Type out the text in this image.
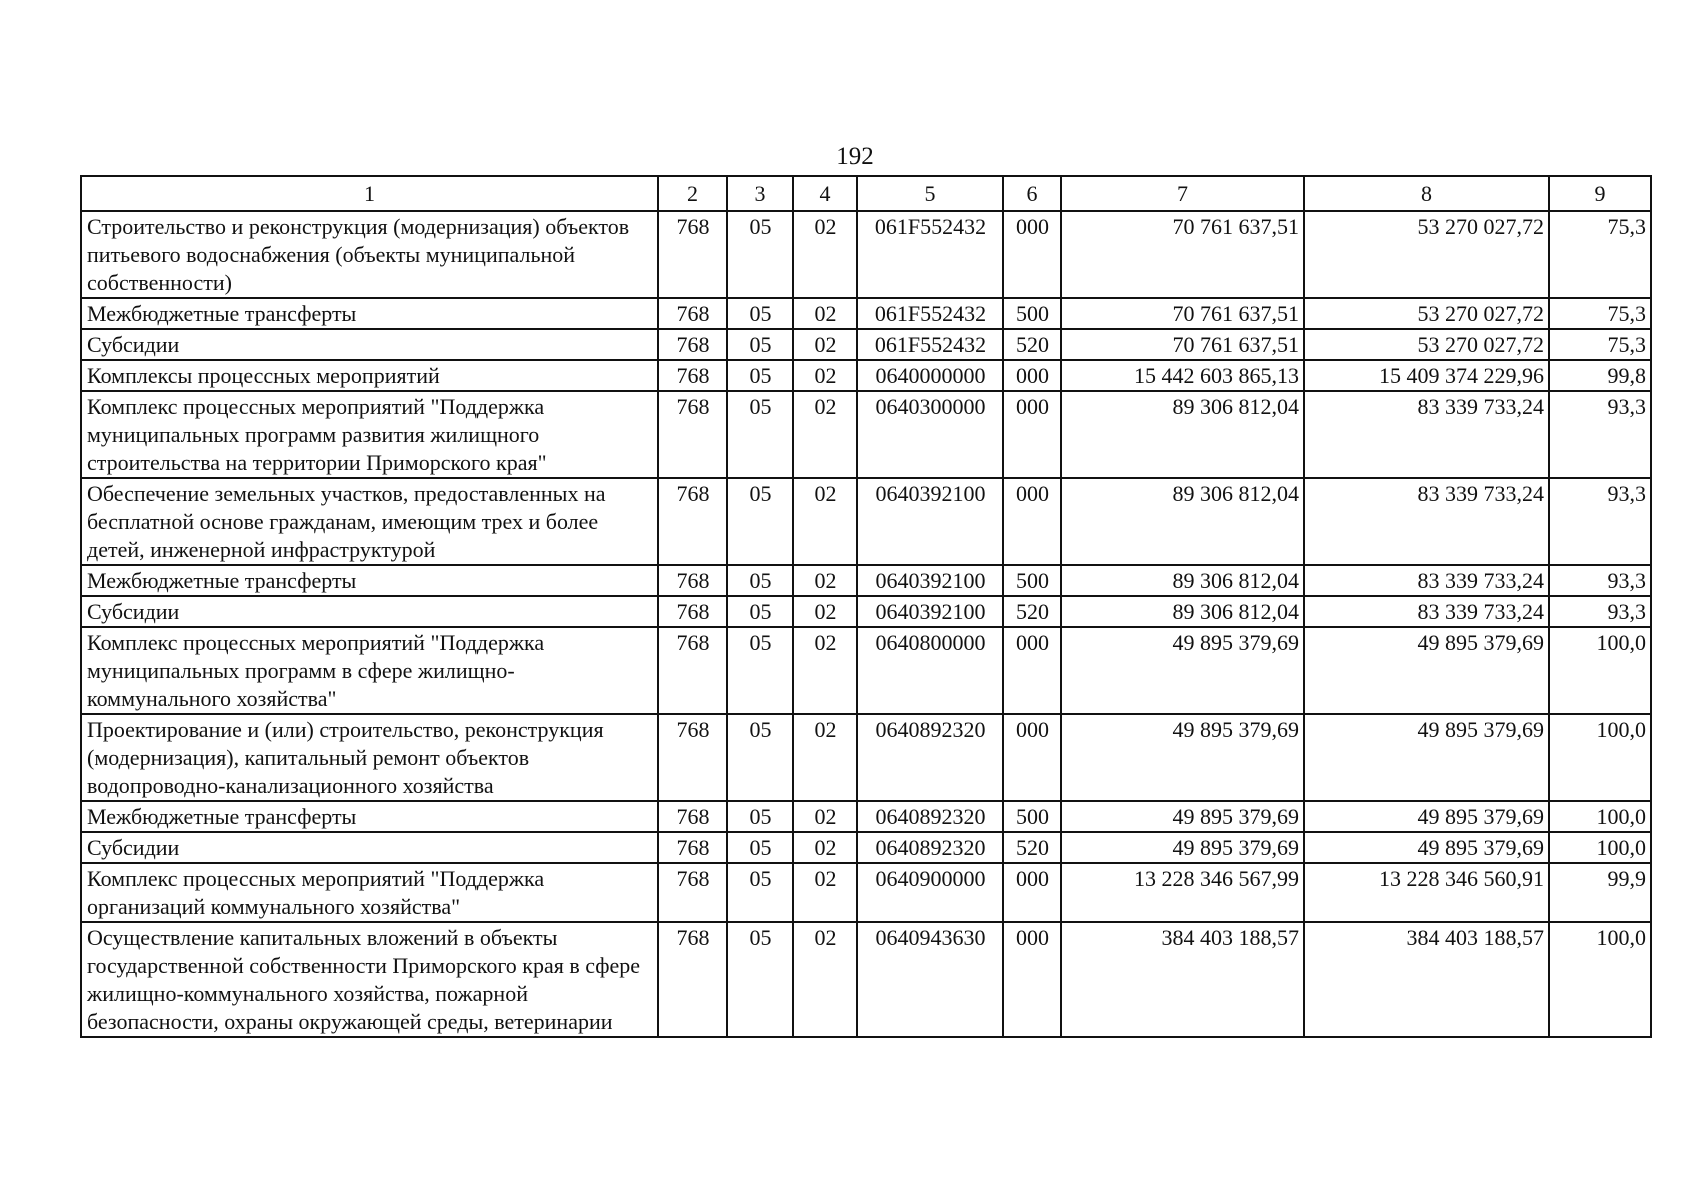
192
1	2	3	4	5	6	7	8	9
Строительство и реконструкция (модернизация) объектов питьевого водоснабжения (объекты муниципальной собственности)	768	05	02	061F552432	000	70 761 637,51	53 270 027,72	75,3
Межбюджетные трансферты	768	05	02	061F552432	500	70 761 637,51	53 270 027,72	75,3
Субсидии	768	05	02	061F552432	520	70 761 637,51	53 270 027,72	75,3
Комплексы процессных мероприятий	768	05	02	0640000000	000	15 442 603 865,13	15 409 374 229,96	99,8
Комплекс процессных мероприятий "Поддержка муниципальных программ развития жилищного строительства на территории Приморского края"	768	05	02	0640300000	000	89 306 812,04	83 339 733,24	93,3
Обеспечение земельных участков, предоставленных на бесплатной основе гражданам, имеющим трех и более детей, инженерной инфраструктурой	768	05	02	0640392100	000	89 306 812,04	83 339 733,24	93,3
Межбюджетные трансферты	768	05	02	0640392100	500	89 306 812,04	83 339 733,24	93,3
Субсидии	768	05	02	0640392100	520	89 306 812,04	83 339 733,24	93,3
Комплекс процессных мероприятий "Поддержка муниципальных программ в сфере жилищно-коммунального хозяйства"	768	05	02	0640800000	000	49 895 379,69	49 895 379,69	100,0
Проектирование и (или) строительство, реконструкция (модернизация), капитальный ремонт объектов водопроводно-канализационного хозяйства	768	05	02	0640892320	000	49 895 379,69	49 895 379,69	100,0
Межбюджетные трансферты	768	05	02	0640892320	500	49 895 379,69	49 895 379,69	100,0
Субсидии	768	05	02	0640892320	520	49 895 379,69	49 895 379,69	100,0
Комплекс процессных мероприятий "Поддержка организаций коммунального хозяйства"	768	05	02	0640900000	000	13 228 346 567,99	13 228 346 560,91	99,9
Осуществление капитальных вложений в объекты государственной собственности Приморского края в сфере жилищно-коммунального хозяйства, пожарной безопасности, охраны окружающей среды, ветеринарии	768	05	02	0640943630	000	384 403 188,57	384 403 188,57	100,0
